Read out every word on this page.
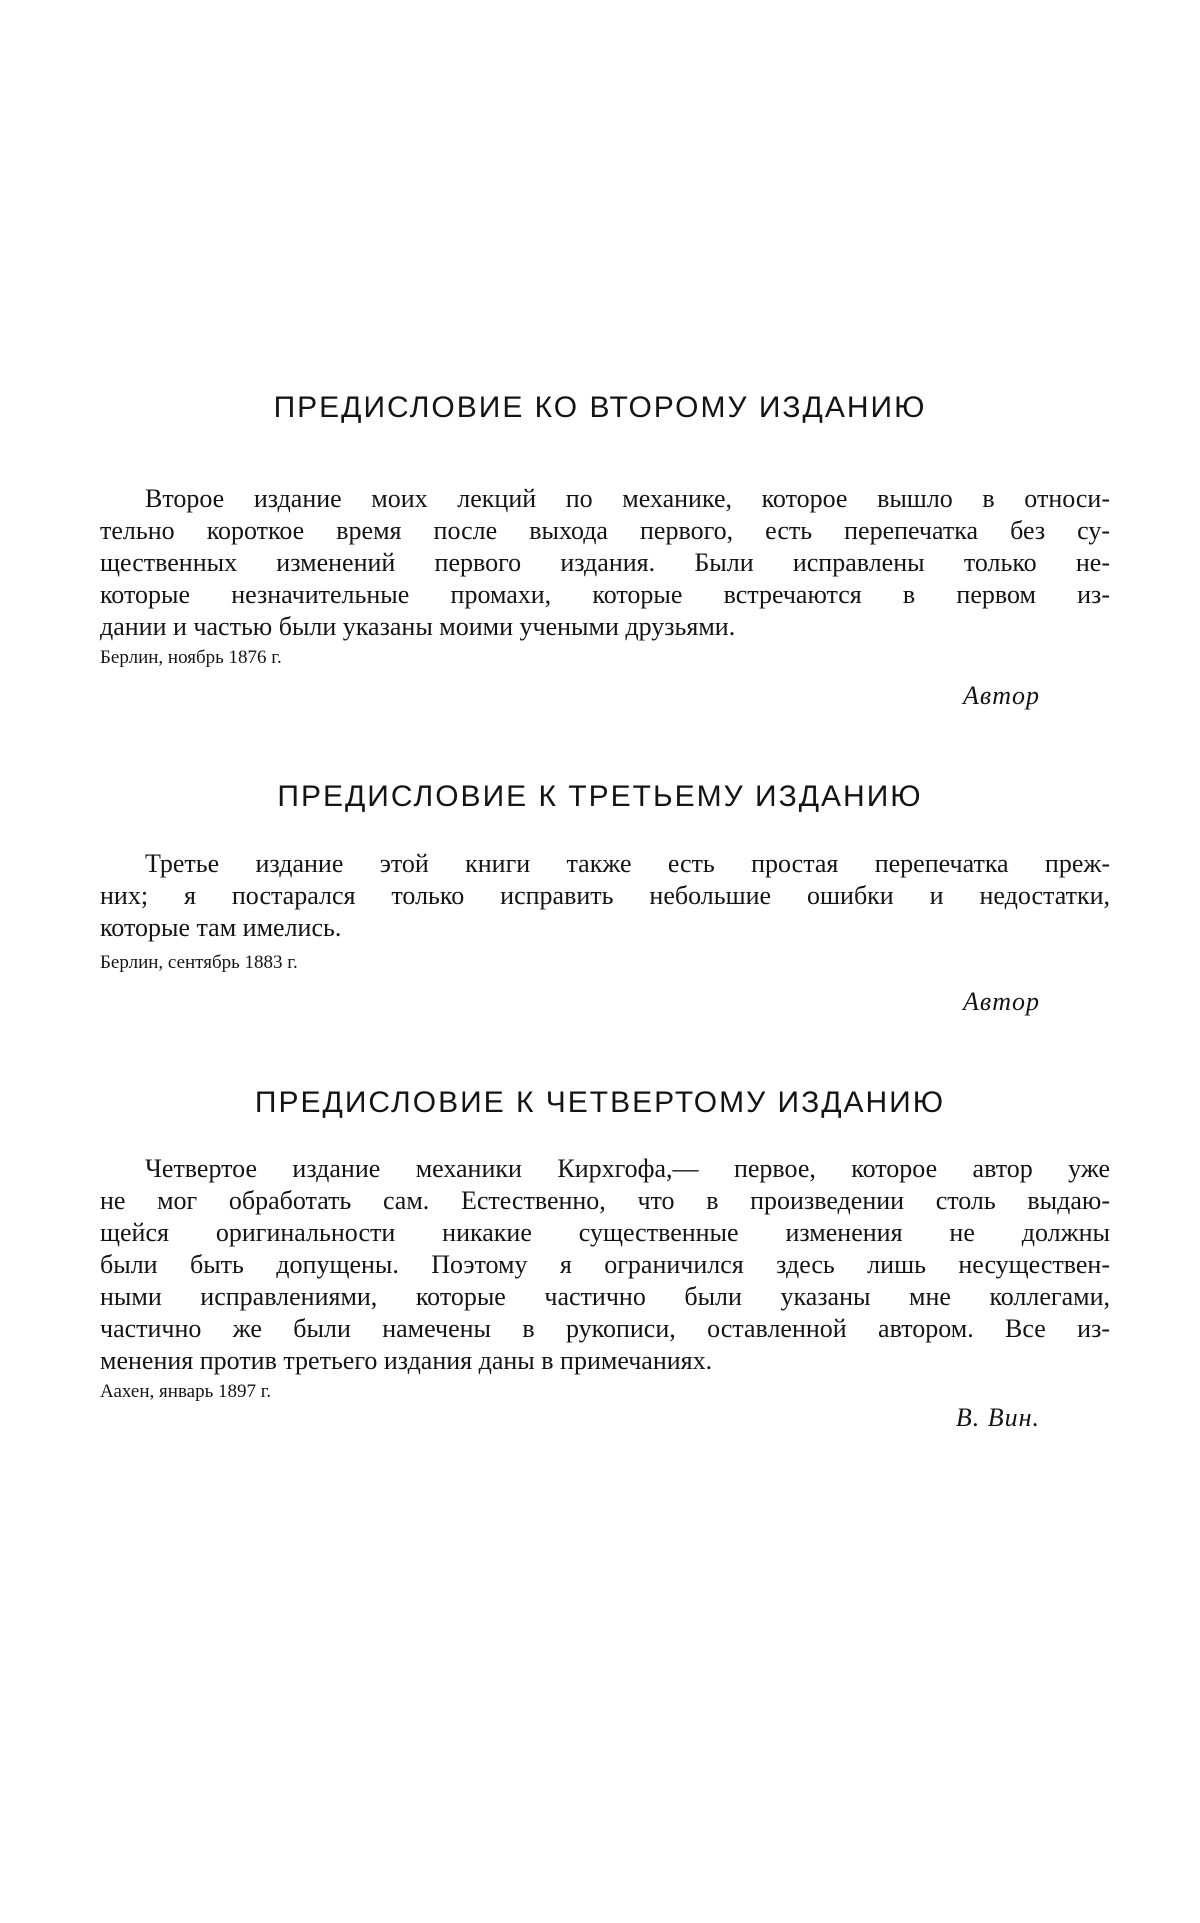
ПРЕДИСЛОВИЕ КО ВТОРОМУ ИЗДАНИЮ
Второе издание моих лекций по механике, которое вышло в относи-
тельно короткое время после выхода первого, есть перепечатка без су-
щественных изменений первого издания. Были исправлены только не-
которые незначительные промахи, которые встречаются в первом из-
дании и частью были указаны моими учеными друзьями.

Берлин, ноябрь 1876 г.

Автор

ПРЕДИСЛОВИЕ К ТРЕТЬЕМУ ИЗДАНИЮ
Третье издание этой книги также есть простая перепечатка преж-
них; я постарался только исправить небольшие ошибки и недостатки,
которые там имелись.

Берлин, сентябрь 1883 г.

Автор

ПРЕДИСЛОВИЕ К ЧЕТВЕРТОМУ ИЗДАНИЮ
Четвертое издание механики Кирхгофа,— первое, которое автор уже
не мог обработать сам. Естественно, что в произведении столь выдаю-
щейся оригинальности никакие существенные изменения не должны
были быть допущены. Поэтому я ограничился здесь лишь несуществен-
ными исправлениями, которые частично были указаны мне коллегами,
частично же были намечены в рукописи, оставленной автором. Все из-
менения против третьего издания даны в примечаниях.

Аахен, январь 1897 г.

В. Вин.
